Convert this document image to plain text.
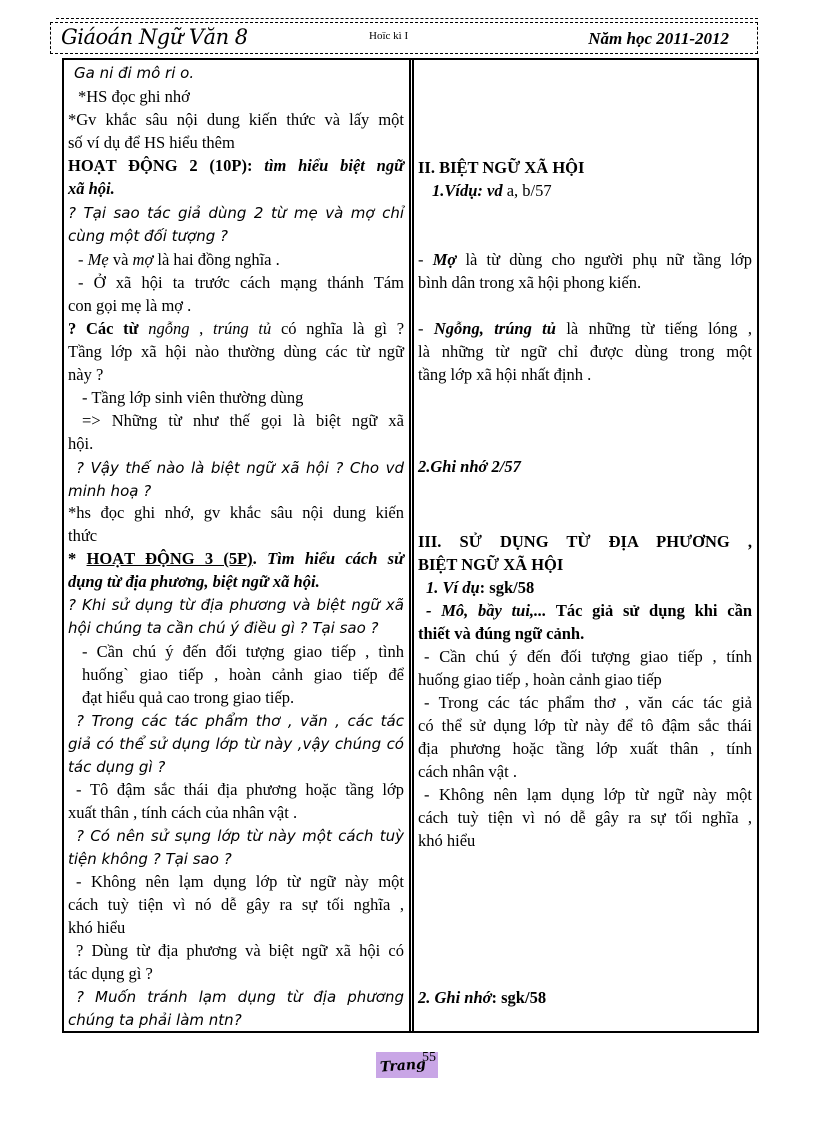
Giáoán Ngữ Văn 8	Hoïc kì I	Năm học 2011-2012
Ga ni đi mô ri o.
*HS đọc ghi nhớ
*Gv khắc sâu nội dung kiến thức và lấy một
số ví dụ để HS hiểu thêm
HOẠT ĐỘNG 2 (10P): tìm hiểu biệt ngữ
xã hội.
? Tại sao tác giả dùng 2 từ mẹ và mợ chỉ
cùng một đối tượng ?
- Mẹ và mợ là hai đồng nghĩa .
- Ở xã hội ta trước cách mạng thánh Tám
con gọi mẹ là mợ .
? Các từ ngỗng , trúng tủ có nghĩa là gì ?
Tầng lớp xã hội nào thường dùng các từ ngữ
này ?
- Tầng lớp sinh viên thường dùng
=> Những từ như thế gọi là biệt ngữ xã
hội.
? Vậy thế nào là biệt ngữ xã hội ? Cho vd
minh hoạ ?
*hs đọc ghi nhớ, gv khắc sâu nội dung kiến
thức
* HOẠT ĐỘNG 3 (5P). Tìm hiểu cách sử
dụng từ địa phương, biệt ngữ xã hội.
? Khi sử dụng từ địa phương và biệt ngữ xã
hội chúng ta cần chú ý điều gì ? Tại sao ?
- Cần chú ý đến đối tượng giao tiếp , tình
huống` giao tiếp , hoàn cảnh giao tiếp để
đạt hiểu quả cao trong giao tiếp.
? Trong các tác phẩm thơ , văn , các tác
giả có thể sử dụng lớp từ này ,vậy chúng có
tác dụng gì ?
- Tô đậm sắc thái địa phương hoặc tầng lớp
xuất thân , tính cách của nhân vật .
? Có nên sử sụng lớp từ này một cách tuỳ
tiện không ? Tại sao ?
- Không nên lạm dụng lớp từ ngữ này một
cách tuỳ tiện vì nó dễ gây ra sự tối nghĩa ,
khó hiểu
? Dùng từ địa phương và biệt ngữ xã hội có
tác dụng gì ?
? Muốn tránh lạm dụng từ địa phương
chúng ta phải làm ntn?
II. BIỆT NGỮ XÃ HỘI
1.Vídụ: vd a, b/57
- Mợ là từ dùng cho người phụ nữ tầng lớp
bình dân trong xã hội phong kiến.
- Ngỗng, trúng tủ là những từ tiếng lóng ,
là những từ ngữ chỉ được dùng trong một
tầng lớp xã hội nhất định .
2.Ghi nhớ 2/57
III. SỬ DỤNG TỪ ĐỊA PHƯƠNG ,
BIỆT NGỮ XÃ HỘI
1. Ví dụ: sgk/58
- Mô, bầy tui,... Tác giả sử dụng khi cần
thiết và đúng ngữ cảnh.
- Cần chú ý đến đối tượng giao tiếp , tính
huống giao tiếp , hoàn cảnh giao tiếp
- Trong các tác phẩm thơ , văn các tác giả
có thể sử dụng lớp từ này để tô đậm sắc thái
địa phương hoặc tầng lớp xuất thân , tính
cách nhân vật .
- Không nên lạm dụng lớp từ ngữ này một
cách tuỳ tiện vì nó dễ gây ra sự tối nghĩa ,
khó hiểu
2. Ghi nhớ: sgk/58
Trang
55
